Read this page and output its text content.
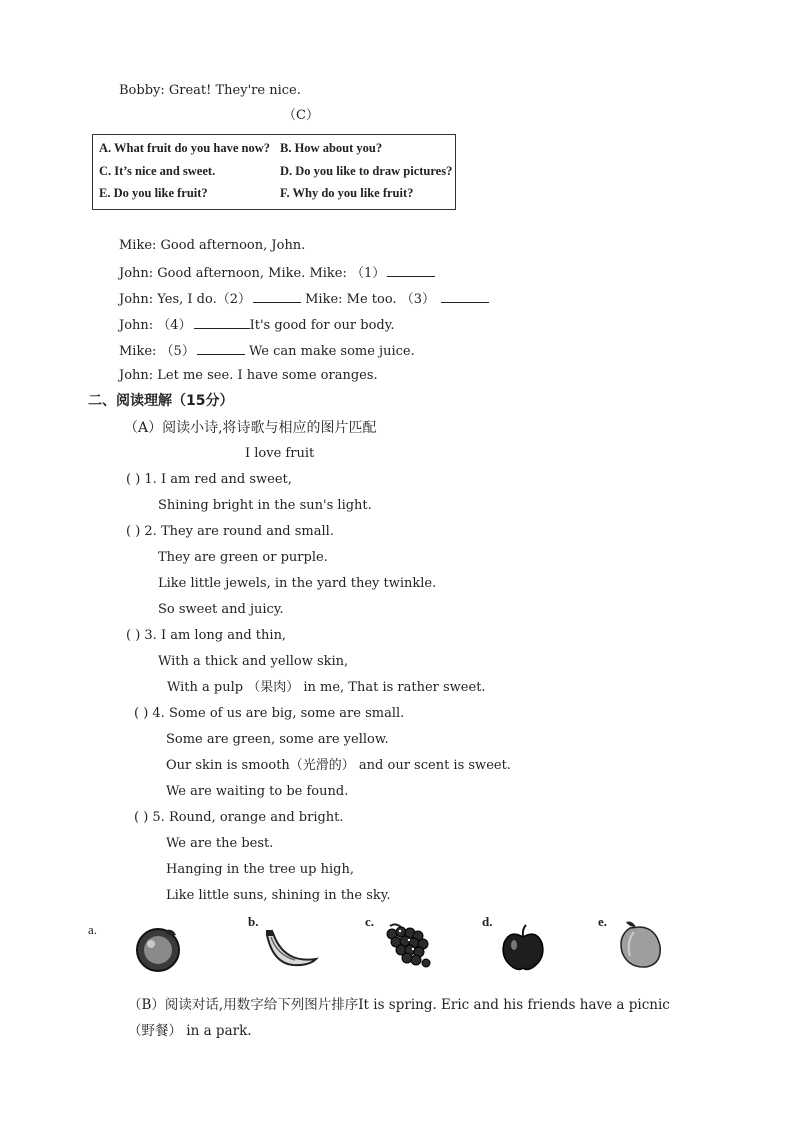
Bobby: Great! They're nice.
（C）
A. What fruit do you have now? B. How about you?
C. It’s nice and sweet.	D. Do you like to draw pictures?
E. Do you like fruit?	F. Why do you like fruit?
Mike: Good afternoon, John.
John: Good afternoon, Mike. Mike: （1）
John: Yes, I do.（2）	Mike: Me too. （3）
John: （4）	It's good for our body.
Mike: （5）	We can make some juice.
John: Let me see. I have some oranges.
二、阅读理解（15分）
（A）阅读小诗,将诗歌与相应的图片匹配
I love fruit
( ) 1. I am red and sweet,
Shining bright in the sun's light.
( ) 2. They are round and small.
They are green or purple.
Like little jewels, in the yard they twinkle.
So sweet and juicy.
( ) 3. I am long and thin,
With a thick and yellow skin,
With a pulp （果肉） in me, That is rather sweet.
( ) 4. Some of us are big, some are small.
Some are green, some are yellow.
Our skin is smooth（光滑的） and our scent is sweet.
We are waiting to be found.
( ) 5. Round, orange and bright.
We are the best.
Hanging in the tree up high,
Like little suns, shining in the sky.
a.
b.	c.	d.	e.
（B）阅读对话,用数字给下列图片排序It is spring. Eric and his friends have a picnic
（野餐） in a park.
